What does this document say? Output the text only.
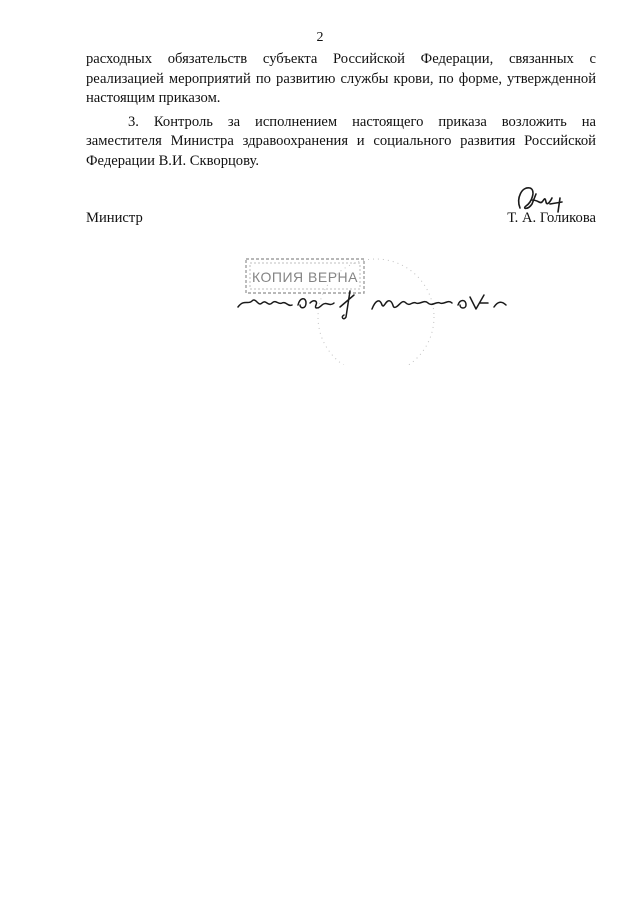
2

расходных обязательств субъекта Российской Федерации, связанных с реализацией мероприятий по развитию службы крови, по форме, утвержденной настоящим приказом.

3. Контроль за исполнением настоящего приказа возложить на заместителя Министра здравоохранения и социального развития Российской Федерации В.И. Скворцову.

Министр	Т. А. Голикова
КОПИЯ ВЕРНА
